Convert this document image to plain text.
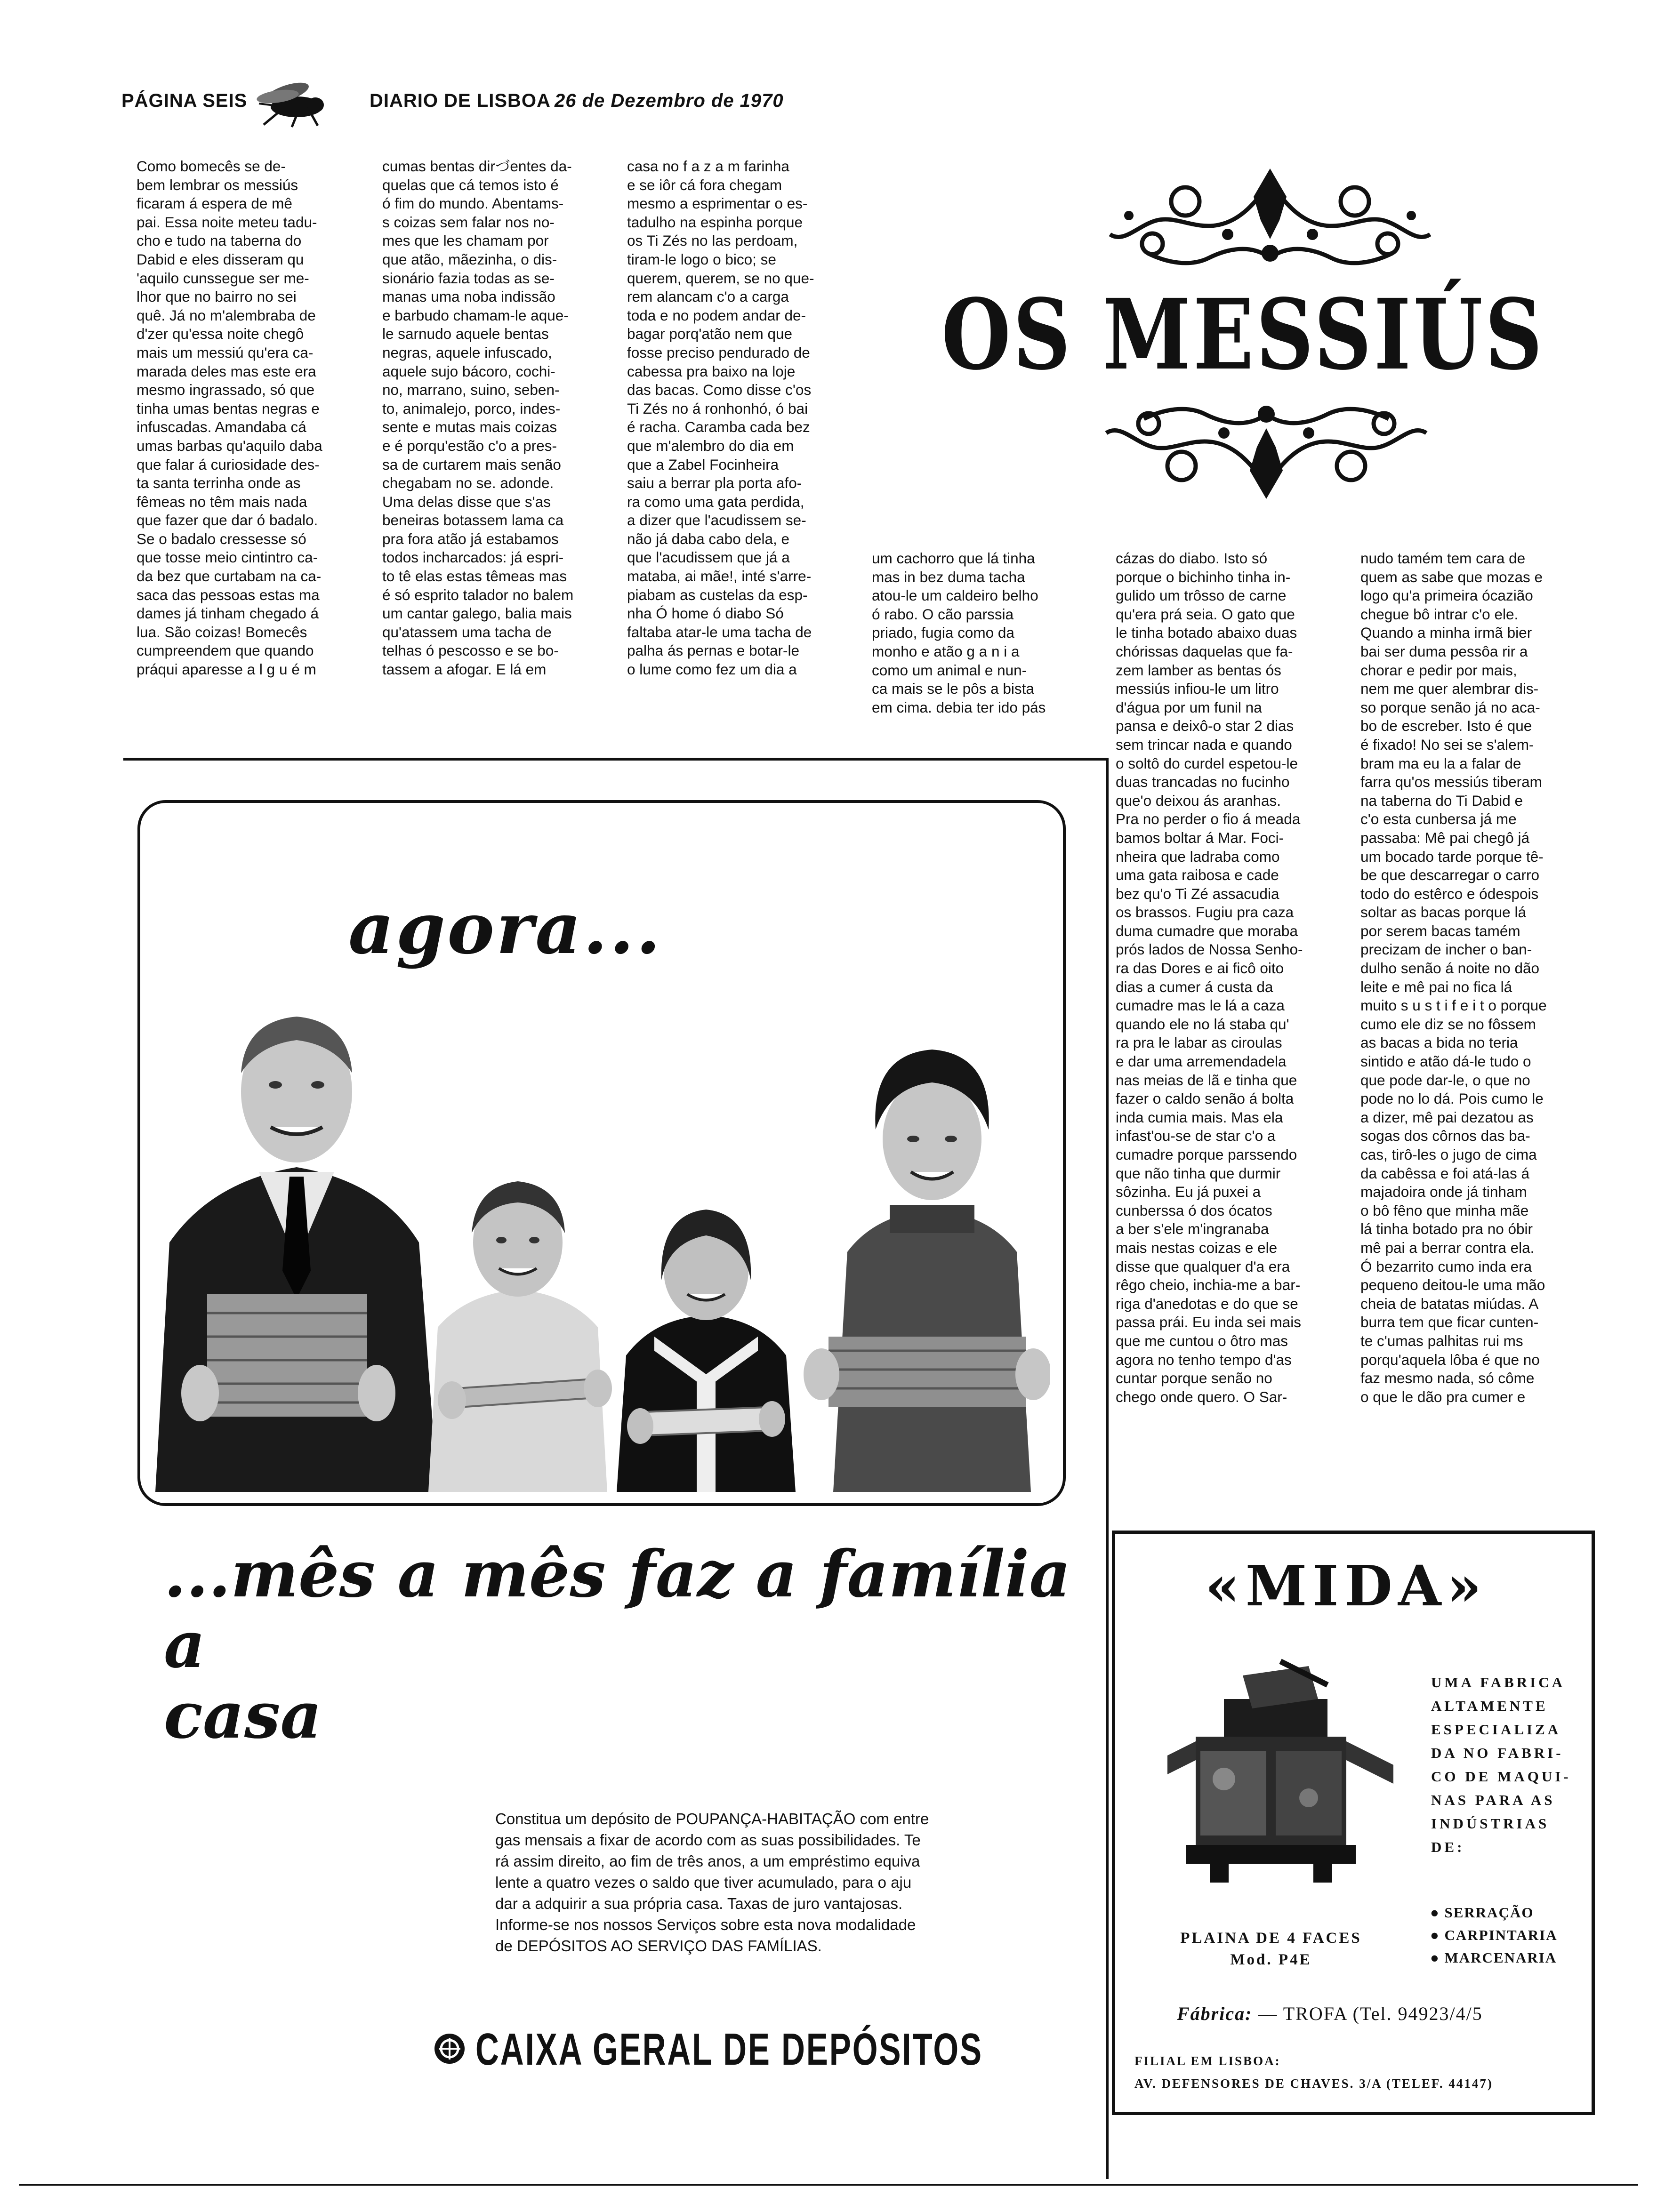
PÁGINA SEIS	DIARIO DE LISBOA 26 de Dezembro de 1970
Como bomecês se de-
bem lembrar os messiús
ficaram á espera de mê
pai. Essa noite meteu tadu-
cho e tudo na taberna do
Dabid e eles disseram qu
'aquilo cunssegue ser me-
lhor que no bairro no sei
quê. Já no m'alembraba de
d'zer qu'essa noite chegô
mais um messiú qu'era ca-
marada deles mas este era
mesmo ingrassado, só que
tinha umas bentas negras e
infuscadas. Amandaba cá
umas barbas qu'aquilo daba
que falar á curiosidade des-
ta santa terrinha onde as
fêmeas no têm mais nada
que fazer que dar ó badalo.
Se o badalo cressesse só
que tosse meio cintintro ca-
da bez que curtabam na ca-
saca das pessoas estas ma
dames já tinham chegado á
lua. São coizas! Bomecês
cumpreendem que quando
práqui aparesse a l g u é m
cumas bentas dirづentes da-
quelas que cá temos isto é
ó fim do mundo. Abentams-
s coizas sem falar nos no-
mes que les chamam por
que atão, mãezinha, o dis-
sionário fazia todas as se-
manas uma noba indissão
e barbudo chamam-le aque-
le sarnudo aquele bentas
negras, aquele infuscado,
aquele sujo bácoro, cochi-
no, marrano, suino, seben-
to, animalejo, porco, indes-
sente e mutas mais coizas
e é porqu'estão c'o a pres-
sa de curtarem mais senão
chegabam no se. adonde.
Uma delas disse que s'as
beneiras botassem lama ca
pra fora atão já estabamos
todos incharcados: já espri-
to tê elas estas têmeas mas
é só esprito talador no balem
um cantar galego, balia mais
qu'atassem uma tacha de
telhas ó pescosso e se bo-
tassem a afogar. E lá em
casa no f a z a m farinha
e se iôr cá fora chegam
mesmo a esprimentar o es-
tadulho na espinha porque
os Ti Zés no las perdoam,
tiram-le logo o bico; se
querem, querem, se no que-
rem alancam c'o a carga
toda e no podem andar de-
bagar porq'atão nem que
fosse preciso pendurado de
cabessa pra baixo na loje
das bacas. Como disse c'os
Ti Zés no á ronhonhó, ó bai
é racha. Caramba cada bez
que m'alembro do dia em
que a Zabel Focinheira
saiu a berrar pla porta afo-
ra como uma gata perdida,
a dizer que l'acudissem se-
não já daba cabo dela, e
que l'acudissem que já a
mataba, ai mãe!, inté s'arre-
piabam as custelas da esp-
nha Ó home ó diabo Só
faltaba atar-le uma tacha de
palha ás pernas e botar-le
o lume como fez um dia a
OS MESSIÚS
um cachorro que lá tinha
mas in bez duma tacha
atou-le um caldeiro belho
ó rabo. O cão parssia
priado, fugia como da
monho e atão g a n i a
como um animal e nun-
ca mais se le pôs a bista
em cima. debia ter ido pás
cázas do diabo. Isto só
porque o bichinho tinha in-
gulido um trôsso de carne
qu'era prá seia. O gato que
le tinha botado abaixo duas
chórissas daquelas que fa-
zem lamber as bentas ós
messiús infiou-le um litro
d'água por um funil na
pansa e deixô-o star 2 dias
sem trincar nada e quando
o soltô do curdel espetou-le
duas trancadas no fucinho
que'o deixou ás aranhas.
Pra no perder o fio á meada
bamos boltar á Mar. Foci-
nheira que ladraba como
uma gata raibosa e cade
bez qu'o Ti Zé assacudia
os brassos. Fugiu pra caza
duma cumadre que moraba
prós lados de Nossa Senho-
ra das Dores e ai ficô oito
dias a cumer á custa da
cumadre mas le lá a caza
quando ele no lá staba qu'
ra pra le labar as ciroulas
e dar uma arremendadela
nas meias de lã e tinha que
fazer o caldo senão á bolta
inda cumia mais. Mas ela
infast'ou-se de star c'o a
cumadre porque parssendo
que não tinha que durmir
sôzinha. Eu já puxei a
cunberssa ó dos ócatos
a ber s'ele m'ingranaba
mais nestas coizas e ele
disse que qualquer d'a era
rêgo cheio, inchia-me a bar-
riga d'anedotas e do que se
passa prái. Eu inda sei mais
que me cuntou o ôtro mas
agora no tenho tempo d'as
cuntar porque senão no
chego onde quero. O Sar-
nudo tamém tem cara de
quem as sabe que mozas e
logo qu'a primeira ócazião
chegue bô intrar c'o ele.
Quando a minha irmã bier
bai ser duma pessôa rir a
chorar e pedir por mais,
nem me quer alembrar dis-
so porque senão já no aca-
bo de escreber. Isto é que
é fixado! No sei se s'alem-
bram ma eu la a falar de
farra qu'os messiús tiberam
na taberna do Ti Dabid e
c'o esta cunbersa já me
passaba: Mê pai chegô já
um bocado tarde porque tê-
be que descarregar o carro
todo do estêrco e ódespois
soltar as bacas porque lá
por serem bacas tamém
precizam de incher o ban-
dulho senão á noite no dão
leite e mê pai no fica lá
muito s u s t i f e i t o porque
cumo ele diz se no fôssem
as bacas a bida no teria
sintido e atão dá-le tudo o
que pode dar-le, o que no
pode no lo dá. Pois cumo le
a dizer, mê pai dezatou as
sogas dos côrnos das ba-
cas, tirô-les o jugo de cima
da cabêssa e foi atá-las á
majadoira onde já tinham
o bô fêno que minha mãe
lá tinha botado pra no óbir
mê pai a berrar contra ela.
Ó bezarrito cumo inda era
pequeno deitou-le uma mão
cheia de batatas miúdas. A
burra tem que ficar cunten-
te c'umas palhitas rui ms
porqu'aquela lôba é que no
faz mesmo nada, só côme
o que le dão pra cumer e
agora...
...mês a mês faz a família a
casa
Constitua um depósito de POUPANÇA-HABITAÇÃO com entre
gas mensais a fixar de acordo com as suas possibilidades. Te
rá assim direito, ao fim de três anos, a um empréstimo equiva
lente a quatro vezes o saldo que tiver acumulado, para o aju
dar a adquirir a sua própria casa. Taxas de juro vantajosas.
Informe-se nos nossos Serviços sobre esta nova modalidade
de DEPÓSITOS AO SERVIÇO DAS FAMÍLIAS.
CAIXA GERAL DE DEPÓSITOS
«MIDA»
UMA FABRICA
ALTAMENTE
ESPECIALIZA
DA NO FABRI-
CO DE MAQUI-
NAS PARA AS
INDÚSTRIAS
DE:
● SERRAÇÃO
● CARPINTARIA
● MARCENARIA
PLAINA DE 4 FACES
Mod. P4E
Fábrica: — TROFA (Tel. 94923/4/5
FILIAL EM LISBOA:
AV. DEFENSORES DE CHAVES. 3/A (TELEF. 44147)
